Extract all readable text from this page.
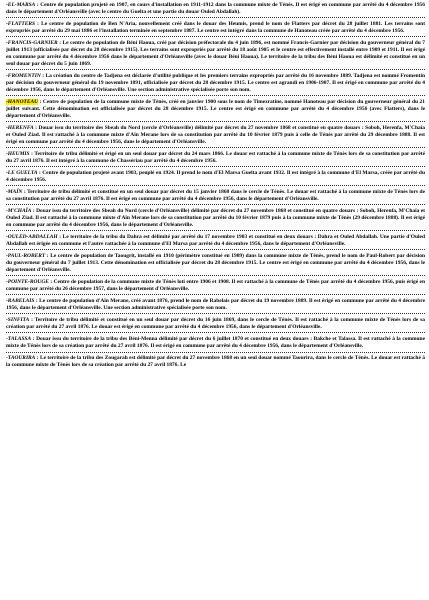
-EL-MARSA : Centre de population projeté en 1907, en cours d'installation en 1911-1912 dans la commune mixte de Ténès. Il est érigé en commune par arrêté du 4 décembre 1956 dans le département d'Orléansville (avec le centre du Guelta et une partie du douar Ouled Abdallah).

-FLATTERS : Le centre de population de Ben N'Aria, nouvellement créé dans le douar des Heumis, prend le nom de Flatters par décret du 28 juillet 1881. Les terrains sont expropriés par arrêté du 29 mai 1886 et l'installation terminée en septembre 1887. Le centre est intégré dans la commune de Hanoteau créée par arrêté du 4 décembre 1956.

-FRANCIS-GARNIER : Le centre de population de Béni Haoua, créé par décision préfectorale du 4 juin 1896, est nommé Francis-Garnier par décision du gouverneur général du 7 juillet 1913 (officialisée par décret du 28 décembre 1915). Les terrains sont expropriés par arrêté du 18 août 1905 et le centre est effectivement installé entre 1909 et 1911. Il est érigé en commune par arrêté du 4 décembre 1956 dans le département d'Orléansville (avec le douar Béni Haoua). Le territoire de la tribu des Béni Haoua est délimité et constitué en un seul douar par décret du 5 juin 1869.

-FROMENTIN : La création du centre de Tadjena est déclarée d'utilité publique et les premiers terrains expropriés par arrêté du 16 novembre 1889. Tadjena est nommé Fromentin par décision du gouverneur général du 19 novembre 1891, officialisée par décret du 28 décembre 1915. Le centre est agrandi en 1906-1907. Il est érigé en commune par arrêté du 4 décembre 1956, dans le département d'Orléansville. Une section administrative spécialisée porte son nom.

-HANOTEAU : Centre de population de la commune mixte de Ténès, créé en janvier 1900 sous le nom de Timezratine, nommé Hanoteau par décision du gouverneur général du 21 juillet suivant. Cette dénomination est officialisée par décret du 28 décembre 1915. Le centre est érigé en commune par arrêté du 4 décembre 1956 (avec Flatters), dans le département d'Orléansville.

-HERENFA : Douar issu du territoire des Sbeah du Nord (cercle d'Orléansville) délimité par décret du 27 novembre 1868 et constitué en quatre douars : Soboh, Herenfa, M'Chaïa et Ouled Ziad. Il est rattaché à la commune mixte d'Aïn Merane lors de sa constitution par arrêté du 10 février 1879 puis à celle de Ténès par arrêté du 29 décembre 1888. Il est érigé en commune par arrêté du 4 décembre 1956, dans le département d'Orléansville.

-HEUMIS : Territoire de tribu délimité et érigé en un seul douar par décret du 24 mars 1866. Le douar est rattaché à la commune mixte de Ténès lors de sa constitution par arrêté du 27 avril 1876. Il est intégré à la commune de Chassériau par arrêté du 4 décembre 1956.

-LE GUELTA : Centre de population projeté avant 1903, peuplé en 1924. Il prend le nom d'El Marsa Guelta avant 1932. Il est intégré à la commune d'El Marsa, créée par arrêté du 4 décembre 1956.

-MAÏN : Territoire de tribu délimité et constitué en un seul douar par décret du 15 janvier 1868 dans le cercle de Ténès. Le douar est rattaché à la commune mixte de Ténès lors de sa constitution par arrêté du 27 avril 1876. Il est érigé en commune par arrêté du 4 décembre 1956, dans le département d'Orléansville.

-M'CHAÏA : Douar issu du territoire des Sbeah du Nord (cercle d'Orléansville) délimité par décret du 27 novembre 1868 et constitué en quatre douars : Soboh, Herenfa, M'Chaïa et Ouled Ziad. Il est rattaché à la commune mixte d'Aïn Merane lors de sa constitution par arrêté du 10 février 1879 puis à la commune mixte de Ténès (29 décembre 1888). Il est érigé en commune par arrêté du 4 décembre 1956, dans le département d'Orléansville.

-OULED-ABDALLAH : Le territoire de la tribu du Dahra est délimité par arrêté du 17 novembre 1903 et constitué en deux douars : Dahra et Ouled Abdallah. Une partie d'Ouled Abdallah est érigée en commune et l'autre rattachée à la commune d'El Marsa par arrêté du 4 décembre 1956, dans le département d'Orléansville.

-PAUL-ROBERT : Le centre de population de Taougrit, installé en 1910 (périmètre constitué en 1909) dans la commune mixte de Ténès, prend le nom de Paul-Robert par décision du gouverneur général du 7 juillet 1913. Cette dénomination est officialisée par décret du 28 décembre 1915. Le centre est érigé en commune par arrêté du 4 décembre 1956, dans le département d'Orléansville.

-POINTE-ROUGE : Centre de population de la commune mixte de Ténès loti entre 1906 et 1908. Il est rattaché à la commune de Ténès par arrêté du 4 décembre 1956, puis érigé en commune par arrêté du 26 décembre 1957, dans le département d'Orléansville.

-RABELAIS : Le centre de population d'Aïn Merane, créé avant 1876, prend le nom de Rabelais par décret du 19 novembre 1889. Il est érigé en commune par arrêté du 4 décembre 1956, dans le département d'Orléansville. Une section administrative spécialisée porte son nom.

-SINFITA : Territoire de tribu délimité et constitué en un seul douar par décret du 16 juin 1869, dans le cercle de Ténès. Il est rattaché à la commune mixte de Ténès lors de sa création par arrêté du 27 avril 1876. Le douar est érigé en commune par arrêté du 4 décembre 1956, dans le département d'Orléansville.

-TALASSA : Douar issu du territoire de la tribu des Béni-Menna délimité par décret du 6 juillet 1870 et constitué en deux douars : Bakche et Talassa. Il est rattaché à la commune mixte de Ténès lors de sa création par arrêté du 27 avril 1876. Il est érigé en commune par arrêté du 4 décembre 1956, dans le département d'Orléansville.

-TAOURIRA : Le territoire de la tribu des Zougarah est délimité par décret du 27 novembre 1868 en un seul douar nommé Taourira, dans le cercle de Ténès. Le douar est rattaché à la commune mixte de Ténès lors de sa création par arrêté du 27 avril 1876. Le
